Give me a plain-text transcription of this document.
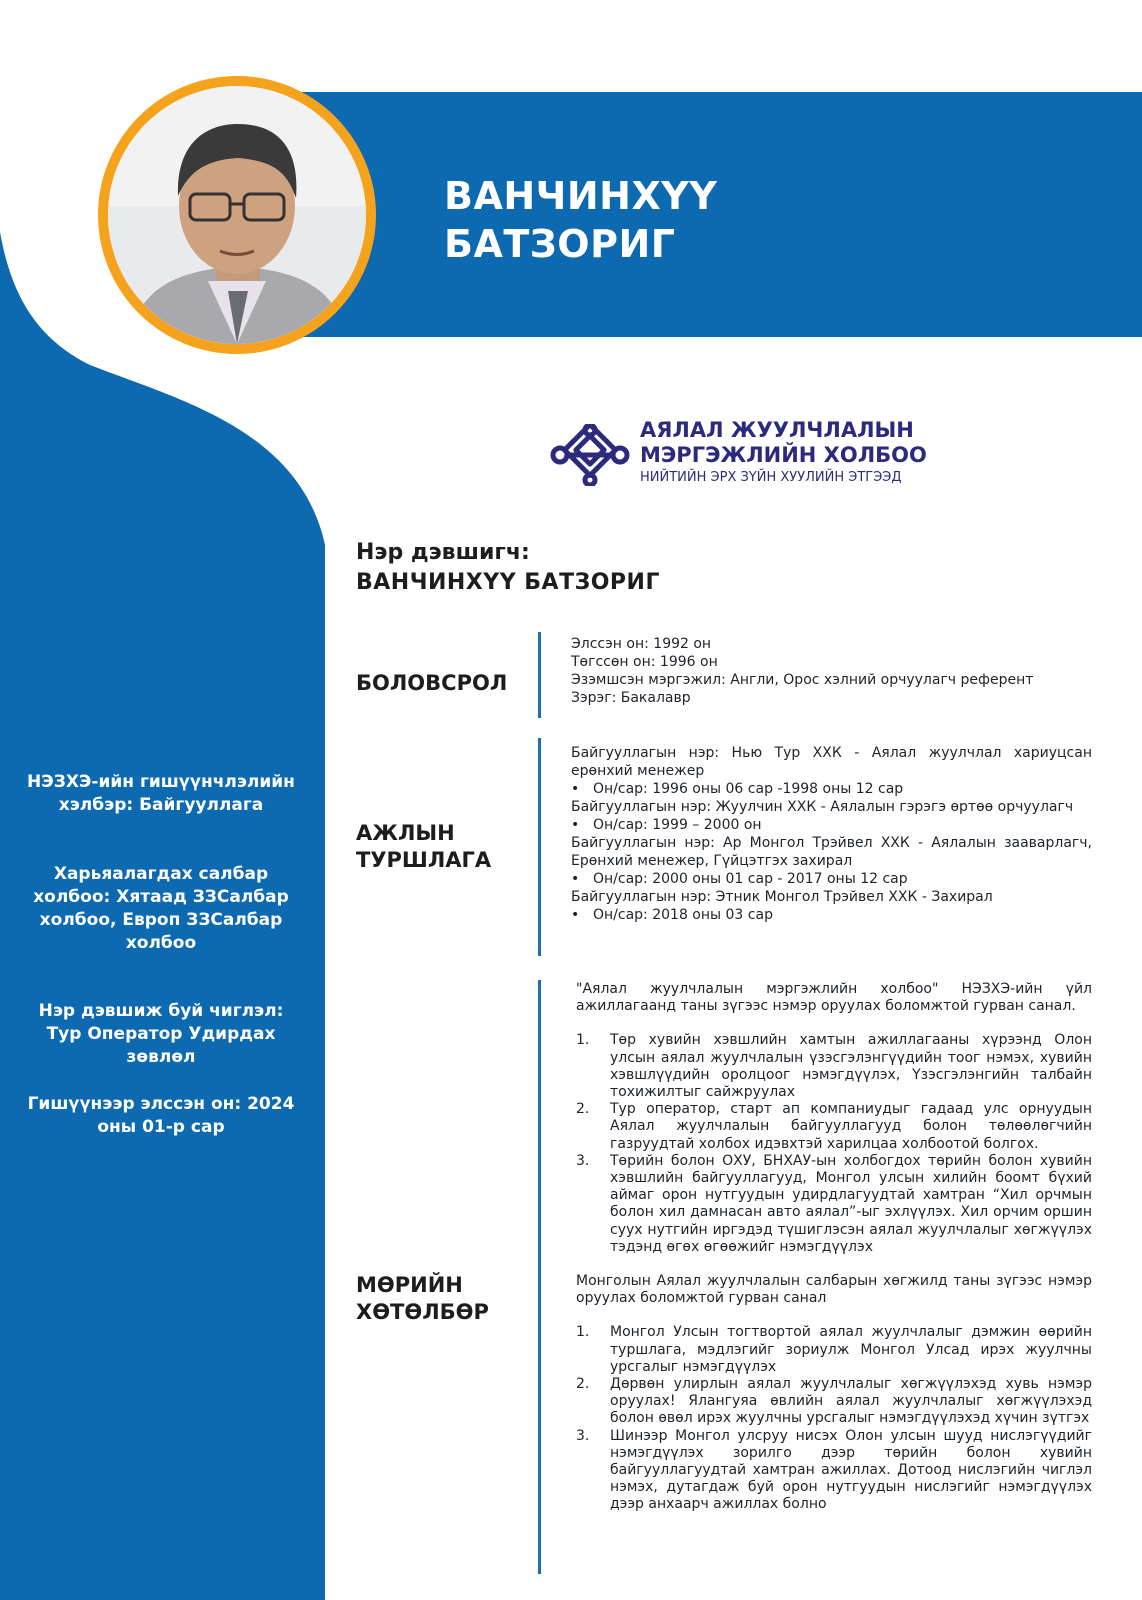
ВАНЧИНХҮҮ
БАТЗОРИГ
АЯЛАЛ ЖУУЛЧЛАЛЫН
МЭРГЭЖЛИЙН ХОЛБОО
НИЙТИЙН ЭРХ ЗҮЙН ХУУЛИЙН ЭТГЭЭД
НЭЗХЭ-ийн гишүүнчлэлийн хэлбэр: Байгууллага
Харьяалагдах салбар холбоо: Хятаад ЗЗСалбар холбоо, Европ ЗЗСалбар холбоо
Нэр дэвшиж буй чиглэл: Тур Оператор Удирдах зөвлөл
Гишүүнээр элссэн он: 2024 оны 01-р сар
Нэр дэвшигч:
ВАНЧИНХҮҮ БАТЗОРИГ
БОЛОВСРОЛ
Элссэн он: 1992 он
Төгссөн он: 1996 он
Эзэмшсэн мэргэжил: Англи, Орос хэлний орчуулагч референт
Зэрэг: Бакалавр
АЖЛЫН
ТУРШЛАГА
Байгууллагын нэр: Нью Тур ХХК - Аялал жуулчлал хариуцсан ерөнхий менежер
• Он/сар: 1996 оны 06 сар -1998 оны 12 сар
Байгууллагын нэр: Жуулчин ХХК - Аялалын гэрэгэ өртөө орчуулагч
• Он/сар: 1999 – 2000 он
Байгууллагын нэр: Ар Монгол Трэйвел ХХК - Аялалын зааварлагч, Ерөнхий менежер, Гүйцэтгэх захирал
• Он/сар: 2000 оны 01 сар - 2017 оны 12 сар
Байгууллагын нэр: Этник Монгол Трэйвел ХХК - Захирал
• Он/сар: 2018 оны 03 сар
МӨРИЙН
ХӨТӨЛБӨР
"Аялал жуулчлалын мэргэжлийн холбоо" НЭЗХЭ-ийн үйл ажиллагаанд таны зүгээс нэмэр оруулах боломжтой гурван санал.
1. Төр хувийн хэвшлийн хамтын ажиллагааны хүрээнд Олон улсын аялал жуулчлалын үзэсгэлэнгүүдийн тоог нэмэх, хувийн хэвшлүүдийн оролцоог нэмэгдүүлэх, Үзэсгэлэнгийн талбайн тохижилтыг сайжруулах
2. Тур оператор, старт ап компаниудыг гадаад улс орнуудын Аялал жуулчлалын байгууллагууд болон төлөөлөгчийн газруудтай холбох идэвхтэй харилцаа холбоотой болгох.
3. Төрийн болон ОХУ, БНХАУ-ын холбогдох төрийн болон хувийн хэвшлийн байгууллагууд, Монгол улсын хилийн боомт бүхий аймаг орон нутгуудын удирдлагуудтай хамтран “Хил орчмын болон хил дамнасан авто аялал”-ыг эхлүүлэх. Хил орчим оршин суух нутгийн иргэдэд түшиглэсэн аялал жуулчлалыг хөгжүүлэх тэдэнд өгөх өгөөжийг нэмэгдүүлэх
Монголын Аялал жуулчлалын салбарын хөгжилд таны зүгээс нэмэр оруулах боломжтой гурван санал
1. Монгол Улсын тогтвортой аялал жуулчлалыг дэмжин өөрийн туршлага, мэдлэгийг зориулж Монгол Улсад ирэх жуулчны урсгалыг нэмэгдүүлэх
2. Дөрвөн улирлын аялал жуулчлалыг хөгжүүлэхэд хувь нэмэр оруулах! Ялангуяа өвлийн аялал жуулчлалыг хөгжүүлэхэд болон өвөл ирэх жуулчны урсгалыг нэмэгдүүлэхэд хүчин зүтгэх
3. Шинээр Монгол улсруу нисэх Олон улсын шууд нислэгүүдийг нэмэгдүүлэх зорилго дээр төрийн болон хувийн байгууллагуудтай хамтран ажиллах. Дотоод нислэгийн чиглэл нэмэх, дутагдаж буй орон нутгуудын нислэгийг нэмэгдүүлэх дээр анхаарч ажиллах болно
